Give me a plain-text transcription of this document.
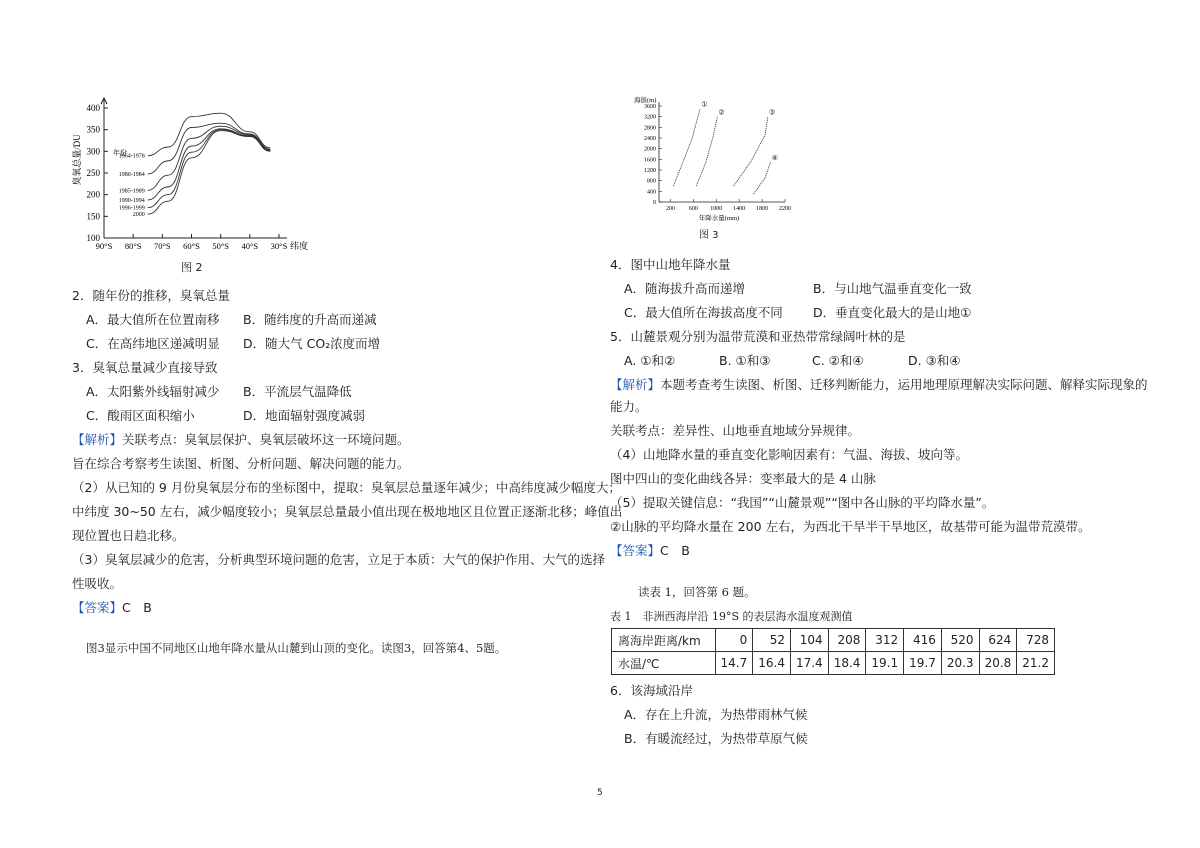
100
150
200
250
300
350
400
90°S 80°S 70°S 60°S 50°S 40°S 30°S
1964-1978
1980-1984
1985-1989
1990-1994
1996-1999
2000
臭氧总量/DU
纬度
年份
图 2
2．随年份的推移，臭氧总量
A．最大值所在位置南移 B．随纬度的升高而递减
C．在高纬地区递减明显 D．随大气 CO₂浓度而增
3．臭氧总量减少直接导致
A．太阳紫外线辐射减少 B．平流层气温降低
C．酸雨区面积缩小	D．地面辐射强度减弱
【解析】关联考点：臭氧层保护、臭氧层破坏这一环境问题。
旨在综合考察考生读图、析图、分析问题、解决问题的能力。
（2）从已知的 9 月份臭氧层分布的坐标图中，提取：臭氧层总量逐年减少；中高纬度减少幅度大；
中纬度 30~50 左右，减少幅度较小；臭氧层总量最小值出现在极地地区且位置正逐渐北移；峰值出
现位置也日趋北移。
（3）臭氧层减少的危害，分析典型环境问题的危害，立足于本质：大气的保护作用、大气的选择
性吸收。
【答案】C　B
图3显示中国不同地区山地年降水量从山麓到山顶的变化。读图3，回答第4、5题。
0
400
800
1200
1600
2000
2400
2800
3200
3600
200 600 1000 1400 1800 2200
①
②	③
④
海拔(m)
年降水量(mm)
图 3
4．图中山地年降水量
A．随海拔升高而递增	B．与山地气温垂直变化一致
C．最大值所在海拔高度不同 D．垂直变化最大的是山地①
5．山麓景观分别为温带荒漠和亚热带常绿阔叶林的是
A. ①和②	B. ①和③	C. ②和④	D. ③和④
【解析】本题考查考生读图、析图、迁移判断能力，运用地理原理解决实际问题、解释实际现象的
能力。
关联考点：差异性、山地垂直地域分异规律。
（4）山地降水量的垂直变化影响因素有：气温、海拔、坡向等。
图中四山的变化曲线各异：变率最大的是 4 山脉
（5）提取关键信息：“我国”“山麓景观”“图中各山脉的平均降水量”。
②山脉的平均降水量在 200 左右，为西北干旱半干旱地区，故基带可能为温带荒漠带。
【答案】C　B
读表 1，回答第 6 题。
表 1　非洲西海岸沿 19°S 的表层海水温度观测值
离海岸距离/km	0	52	104	208	312	416	520	624	728
水温/℃	14.7	16.4	17.4	18.4	19.1	19.7	20.3	20.8	21.2
6．该海域沿岸
A．存在上升流，为热带雨林气候
B．有暖流经过，为热带草原气候
5
